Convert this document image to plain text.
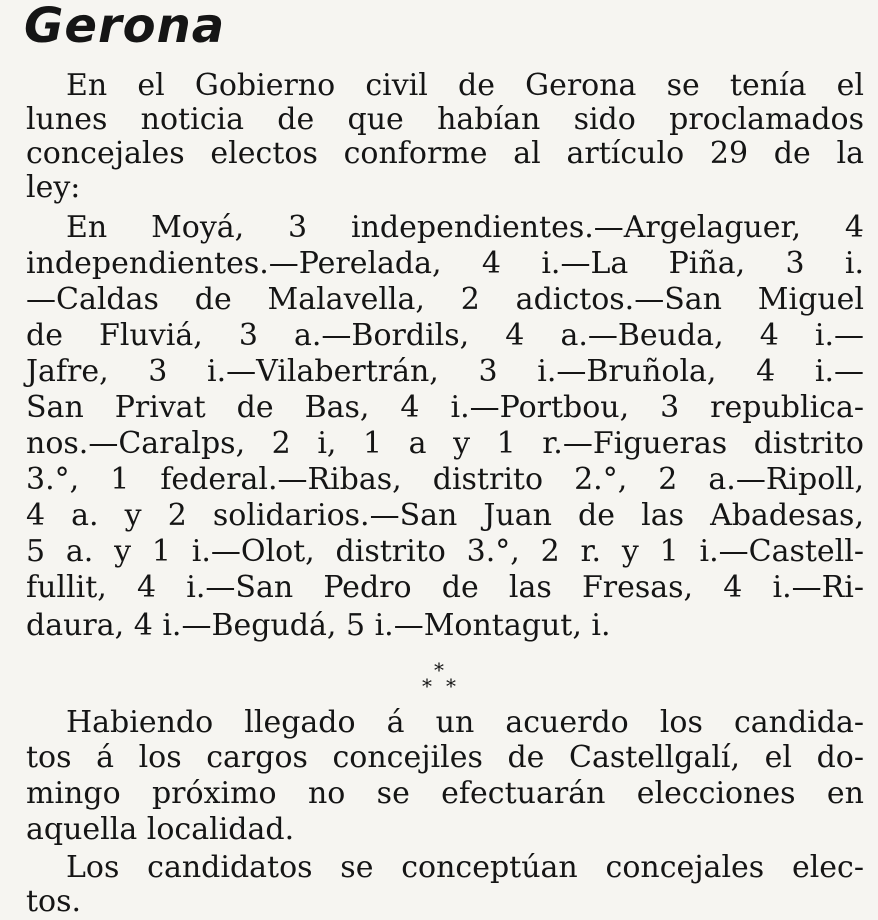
Gerona
En el Gobierno civil de Gerona se tenía el
lunes noticia de que habían sido proclamados
concejales electos conforme al artículo 29 de la
ley:
En Moyá, 3 independientes.—Argelaguer, 4
independientes.—Perelada, 4 i.—La Piña, 3 i.
—Caldas de Malavella, 2 adictos.—San Miguel
de Fluviá, 3 a.—Bordils, 4 a.—Beuda, 4 i.—
Jafre, 3 i.—Vilabertrán, 3 i.—Bruñola, 4 i.—
San Privat de Bas, 4 i.—Portbou, 3 republica-
nos.—Caralps, 2 i, 1 a y 1 r.—Figueras distrito
3.°, 1 federal.—Ribas, distrito 2.°, 2 a.—Ripoll,
4 a. y 2 solidarios.—San Juan de las Abadesas,
5 a. y 1 i.—Olot, distrito 3.°, 2 r. y 1 i.—Castell-
fullit, 4 i.—San Pedro de las Fresas, 4 i.—Ri-
daura, 4 i.—Begudá, 5 i.—Montagut, i.
*
* *
Habiendo llegado á un acuerdo los candida-
tos á los cargos concejiles de Castellgalí, el do-
mingo próximo no se efectuarán elecciones en
aquella localidad.
Los candidatos se conceptúan concejales elec-
tos.
